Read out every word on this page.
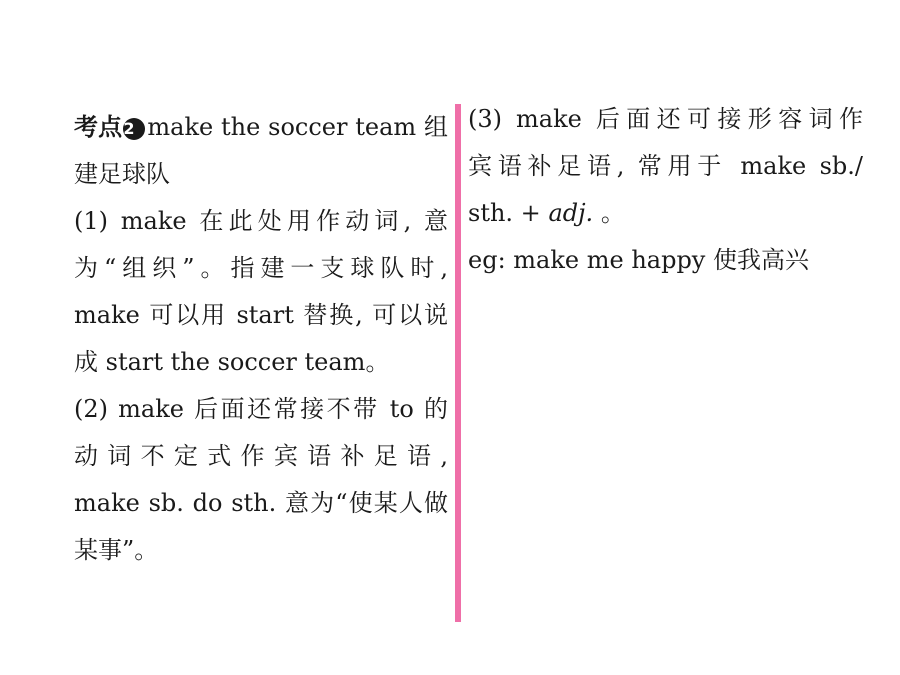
考点2 make the soccer team 组
建足球队
(1) make 在此处用作动词, 意
为“组织”。指建一支球队时,
make 可以用 start 替换, 可以说
成 start the soccer team。
(2) make 后面还常接不带 to 的
动词不定式作宾语补足语,
make sb. do sth. 意为“使某人做
某事”。
(3) make 后面还可接形容词作
宾语补足语, 常用于 make sb./
sth. + adj. 。
eg: make me happy 使我高兴
